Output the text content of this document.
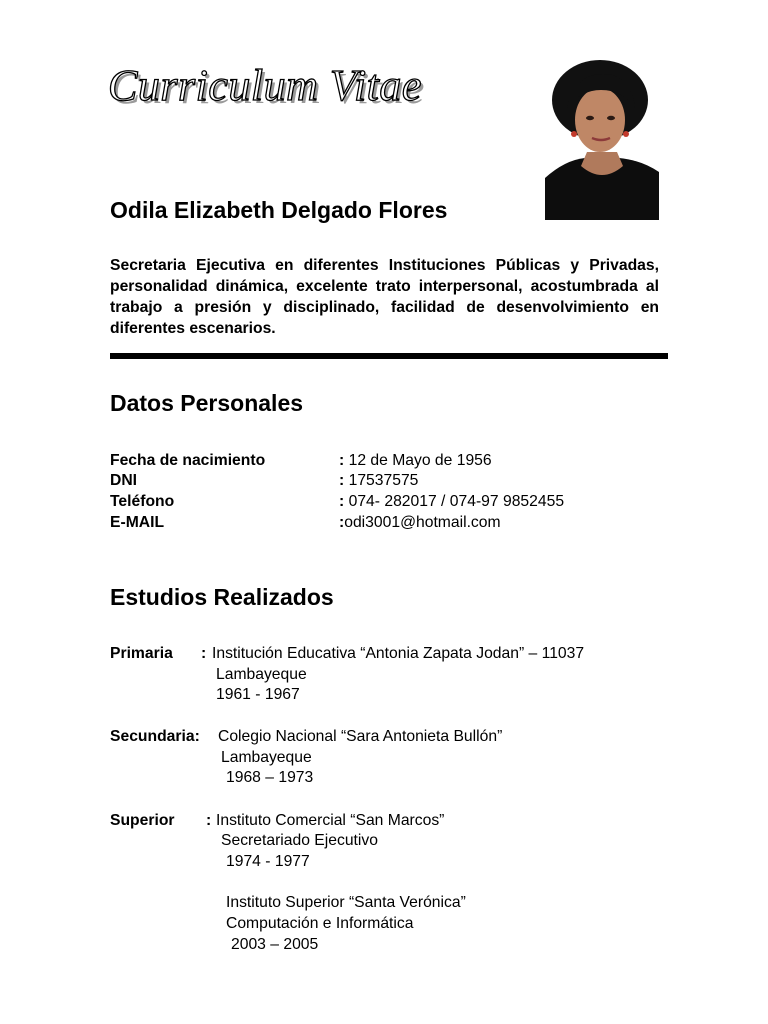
Curriculum Vitae
Odila Elizabeth Delgado Flores
Secretaria Ejecutiva en diferentes Instituciones Públicas y Privadas, personalidad dinámica, excelente trato interpersonal, acostumbrada al trabajo a presión y disciplinado, facilidad de desenvolvimiento en diferentes escenarios.
Datos Personales
Fecha de nacimiento	: 12 de Mayo de 1956
DNI	: 17537575
Teléfono	: 074- 282017 / 074-97 9852455
E-MAIL	:odi3001@hotmail.com
Estudios Realizados
Primaria : Institución Educativa “Antonia Zapata Jodan” – 11037
Lambayeque
1961 - 1967
Secundaria: Colegio Nacional “Sara Antonieta Bullón”
Lambayeque
1968 – 1973
Superior : Instituto Comercial “San Marcos”
Secretariado Ejecutivo
1974 - 1977
Instituto Superior “Santa Verónica”
Computación e Informática
2003 – 2005
